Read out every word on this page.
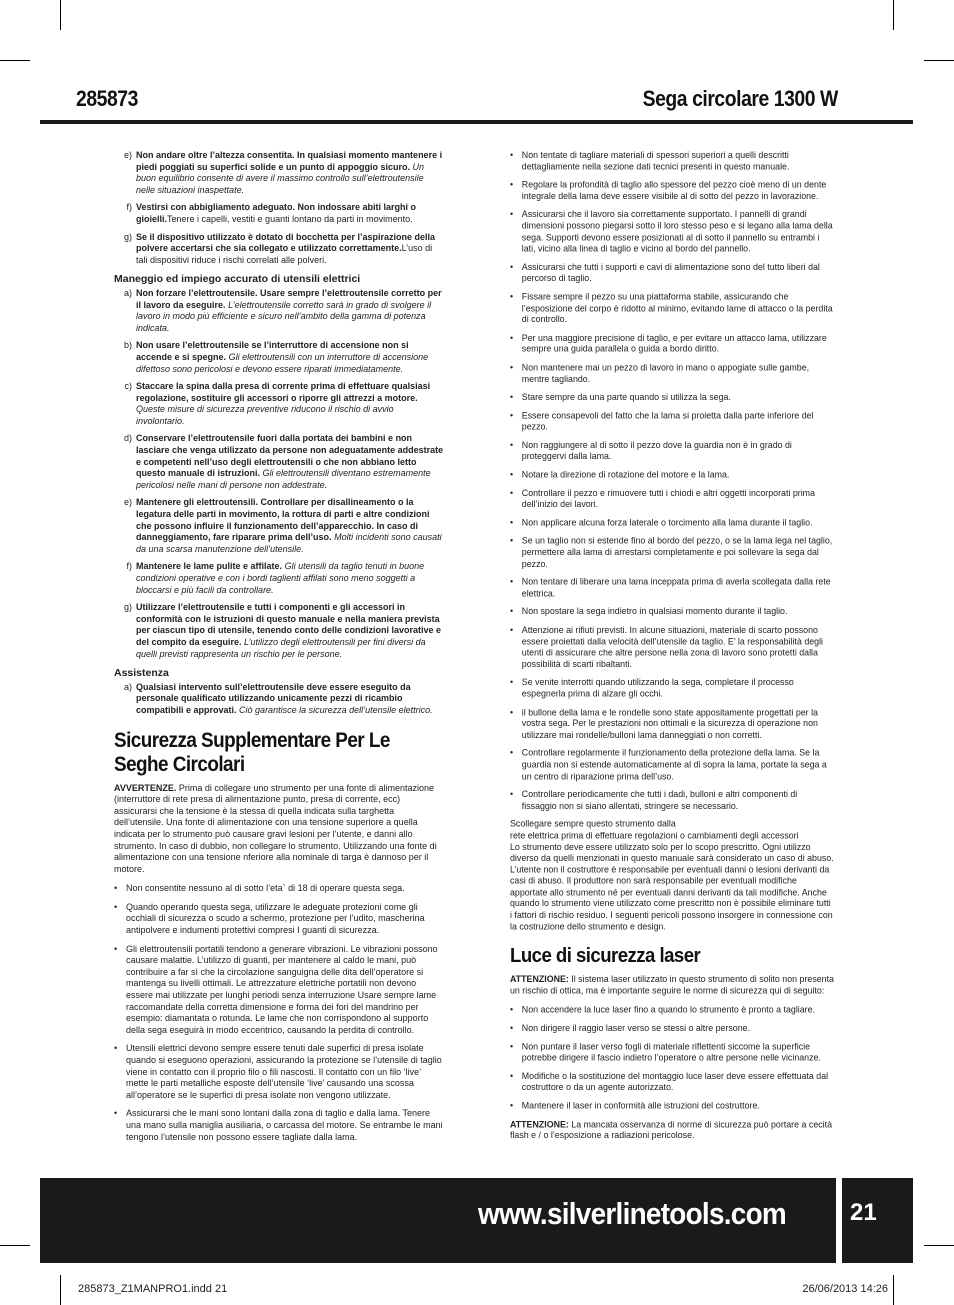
285873	Sega circolare 1300 W
e) Non andare oltre l’altezza consentita. In qualsiasi momento mantenere i piedi poggiati su superfici solide e un punto di appoggio sicuro. Un buon equilibrio consente di avere il massimo controllo sull’elettroutensile nelle situazioni inaspettate.
f) Vestirsi con abbigliamento adeguato. Non indossare abiti larghi o gioielli.Tenere i capelli, vestiti e guanti lontano da parti in movimento.
g) Se il dispositivo utilizzato è dotato di bocchetta per l’aspirazione della polvere accertarsi che sia collegato e utilizzato correttamente.L’uso di tali dispositivi riduce i rischi correlati alle polveri.
Maneggio ed impiego accurato di utensili elettrici
a) Non forzare l’elettroutensile. Usare sempre l’elettroutensile corretto per il lavoro da eseguire. L’elettroutensile corretto sarà in grado di svolgere il lavoro in modo più efficiente e sicuro nell’ambito della gamma di potenza indicata.
b) Non usare l’elettroutensile se l’interruttore di accensione non si accende e si spegne. Gli elettroutensili con un interruttore di accensione difettoso sono pericolosi e devono essere riparati immediatamente.
c) Staccare la spina dalla presa di corrente prima di effettuare qualsiasi regolazione, sostituire gli accessori o riporre gli attrezzi a motore. Queste misure di sicurezza preventive riducono il rischio di avvio involontario.
d) Conservare l’elettroutensile fuori dalla portata dei bambini e non lasciare che venga utilizzato da persone non adeguatamente addestrate e competenti nell’uso degli elettroutensili o che non abbiano letto questo manuale di istruzioni. Gli elettroutensili diventano estremamente pericolosi nelle mani di persone non addestrate.
e) Mantenere gli elettroutensili. Controllare per disallineamento o la legatura delle parti in movimento, la rottura di parti e altre condizioni che possono influire il funzionamento dell’apparecchio. In caso di danneggiamento, fare riparare prima dell’uso. Molti incidenti sono causati da una scarsa manutenzione dell’utensile.
f) Mantenere le lame pulite e affilate. Gli utensili da taglio tenuti in buone condizioni operative e con i bordi taglienti affilati sono meno soggetti a bloccarsi e più facili da controllare.
g) Utilizzare l’elettroutensile e tutti i componenti e gli accessori in conformità con le istruzioni di questo manuale e nella maniera prevista per ciascun tipo di utensile, tenendo conto delle condizioni lavorative e del compito da eseguire. L’utilizzo degli elettroutensili per fini diversi da quelli previsti rappresenta un rischio per le persone.
Assistenza
a) Qualsiasi intervento sull’elettroutensile deve essere eseguito da personale qualificato utilizzando unicamente pezzi di ricambio compatibili e approvati. Ciò garantisce la sicurezza dell’utensile elettrico.
Sicurezza Supplementare Per Le Seghe Circolari
AVVERTENZE. Prima di collegare uno strumento per una fonte di alimentazione (interruttore di rete presa di alimentazione punto, presa di corrente, ecc) assicurarsi che la tensione è la stessa di quella indicata sulla targhetta dell’utensile. Una fonte di alimentazione con una tensione superiore a quella indicata per lo strumento può causare gravi lesioni per l’utente, e danni allo strumento. In caso di dubbio, non collegare lo strumento. Utilizzando una fonte di alimentazione con una tensione nferiore alla nominale di targa è dannoso per il motore.
• Non consentite nessuno al di sotto l’eta` di 18 di operare questa sega.
• Quando operando questa sega, utilizzare le adeguate protezioni come gli occhiali di sicurezza o scudo a schermo, protezione per l’udito, mascherina antipolvere e indumenti protettivi compresi I guanti di sicurezza.
• Gli elettroutensili portatili tendono a generare vibrazioni. Le vibrazioni possono causare malattie. L’utilizzo di guanti, per mantenere al caldo le mani, può contribuire a far sì che la circolazione sanguigna delle dita dell’operatore si mantenga su livelli ottimali. Le attrezzature elettriche portatili non devono essere mai utilizzate per lunghi periodi senza interruzione Usare sempre lame raccomandate della corretta dimensione e forma dei fori del mandrino per esempio: diamantata o rotunda. Le lame che non corrispondono al supporto della sega eseguirà in modo eccentrico, causando la perdita di controllo.
• Utensili elettrici devono sempre essere tenuti dale superfici di presa isolate quando si eseguono operazioni, assicurando la protezione se l’utensile di taglio viene in contatto con il proprio filo o fili nascosti. Il contatto con un filo ‘live’ mette le parti metalliche esposte dell’utensile ‘live’ causando una scossa all’operatore se le superfici di presa isolate non vengono utilizzate.
• Assicurarsi che le mani sono lontani dalla zona di taglio e dalla lama. Tenere una mano sulla maniglia ausiliaria, o carcassa del motore. Se entrambe le mani tengono l’utensile non possono essere tagliate dalla lama.
• Non tentate di tagliare materiali di spessori superiori a quelli descritti dettagliamente nella sezione dati tecnici presenti in questo manuale.
• Regolare la profondità di taglio allo spessore del pezzo cioè meno di un dente integrale della lama deve essere visibile al di sotto del pezzo in lavorazione.
• Assicurarsi che il lavoro sia correttamente supportato. I pannelli di grandi dimensioni possono piegarsi sotto il loro stesso peso e si legano alla lama della sega. Supporti devono essere posizionati al di sotto il pannello su entrambi i lati, vicino alla linea di taglio e vicino al bordo del pannello.
• Assicurarsi che tutti i supporti e cavi di alimentazione sono del tutto liberi dal percorso di taglio.
• Fissare sempre il pezzo su una piattaforma stabile, assicurando che l’esposizione del corpo è ridotto al minimo, evitando lame di attacco o la perdita di controllo.
• Per una maggiore precisione di taglio, e per evitare un attacco lama, utilizzare sempre una guida parallela o guida a bordo diritto.
• Non mantenere mai un pezzo di lavoro in mano o appogiate sulle gambe, mentre tagliando.
• Stare sempre da una parte quando si utilizza la sega.
• Essere consapevoli del fatto che la lama si proietta dalla parte inferiore del pezzo.
• Non raggiungere al di sotto il pezzo dove la guardia non è in grado di proteggervi dalla lama.
• Notare la direzione di rotazione del motore e la lama.
• Controllare il pezzo e rimuovere tutti i chiodi e altri oggetti incorporati prima dell’inizio dei lavori.
• Non applicare alcuna forza laterale o torcimento alla lama durante il taglio.
• Se un taglio non si estende fino al bordo del pezzo, o se la lama lega nel taglio, permettere alla lama di arrestarsi completamente e poi sollevare la sega dal pezzo.
• Non tentare di liberare una lama inceppata prima di averla scollegata dalla rete elettrica.
• Non spostare la sega indietro in qualsiasi momento durante il taglio.
• Attenzione ai rifiuti previsti. In alcune situazioni, materiale di scarto possono essere proiettati dalla velocità dell’utensile da taglio. E’ la responsabilità degli utenti di assicurare che altre persone nella zona di lavoro sono protetti dalla possibilità di scarti ribaltanti.
• Se venite interrotti quando utilizzando la sega, completare il processo espegnerla prima di alzare gli occhi.
• il bullone della lama e le rondelle sono state appositamente progettati per la vostra sega. Per le prestazioni non ottimali e la sicurezza di operazione non utilizzare mai rondelle/bulloni lama danneggiati o non corretti.
• Controllare regolarmente il funzionamento della protezione della lama. Se la guardia non si estende automaticamente al di sopra la lama, portate la sega a un centro di riparazione prima dell’uso.
• Controllare periodicamente che tutti i dadi, bulloni e altri componenti di fissaggio non si siano allentati, stringere se necessario.
Scollegare sempre questo strumento dalla
rete elettrica prima di effettuare regolazioni o cambiamenti degli accessori
Lo strumento deve essere utilizzato solo per lo scopo prescritto. Ogni utilizzo diverso da quelli menzionati in questo manuale sarà considerato un caso di abuso. L’utente non il costruttore è responsabile per eventuali danni o lesioni derivanti da casi di abuso. Il produttore non sarà responsabile per eventuali modifiche apportate allo strumento né per eventuali danni derivanti da tali modifiche. Anche quando lo strumento viene utilizzato come prescritto non è possibile eliminare tutti i fattori di rischio residuo. I seguenti pericoli possono insorgere in connessione con la costruzione dello strumento e design.
Luce di sicurezza laser
ATTENZIONE: Il sistema laser utilizzato in questo strumento di solito non presenta un rischio di ottica, ma è importante seguire le norme di sicurezza qui di seguito:
• Non accendere la luce laser fino a quando lo strumento è pronto a tagliare.
• Non dirigere il raggio laser verso se stessi o altre persone.
• Non puntare il laser verso fogli di materiale riflettenti siccome la superficie potrebbe dirigere il fascio indietro l’operatore o altre persone nelle vicinanze.
• Modifiche o la sostituzione del montaggio luce laser deve essere effettuata dal costruttore o da un agente autorizzato.
• Mantenere il laser in conformità alle istruzioni del costruttore.
ATTENZIONE: La mancata osservanza di norme di sicurezza può portare a cecità flash e / o l’esposizione a radiazioni pericolose.
www.silverlinetools.com	21
285873_Z1MANPRO1.indd 21	26/06/2013 14:26
